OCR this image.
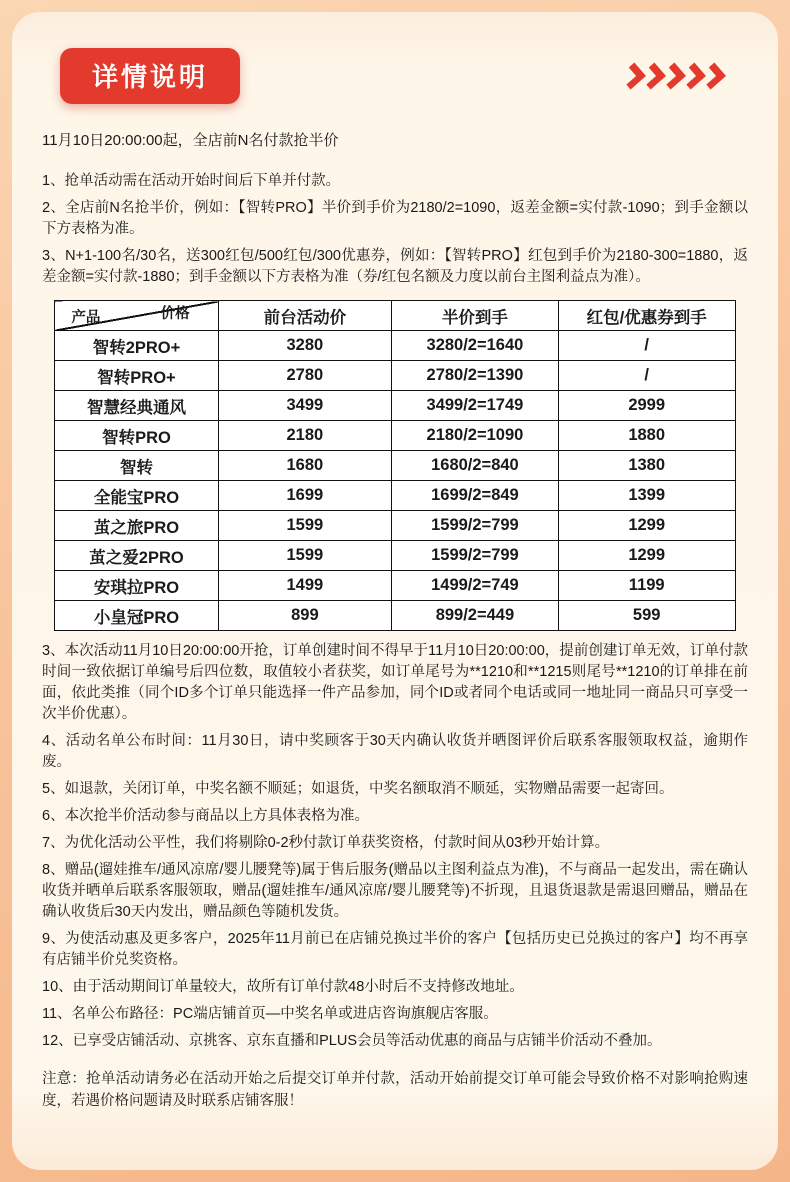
详情说明

11月10日20:00:00起，全店前N名付款抢半价

1、抢单活动需在活动开始时间后下单并付款。

2、全店前N名抢半价，例如：【智转PRO】半价到手价为2180/2=1090，返差金额=实付款-1090；到手金额以下方表格为准。

3、N+1-100名/30名，送300红包/500红包/300优惠券，例如：【智转PRO】红包到手价为2180-300=1880，返差金额=实付款-1880；到手金额以下方表格为准（券/红包名额及力度以前台主图利益点为准）。

价格
产品	前台活动价	半价到手	红包/优惠券到手
智转2PRO+	3280	3280/2=1640	/
智转PRO+	2780	2780/2=1390	/
智慧经典通风	3499	3499/2=1749	2999
智转PRO	2180	2180/2=1090	1880
智转	1680	1680/2=840	1380
全能宝PRO	1699	1699/2=849	1399
茧之旅PRO	1599	1599/2=799	1299
茧之爱2PRO	1599	1599/2=799	1299
安琪拉PRO	1499	1499/2=749	1199
小皇冠PRO	899	899/2=449	599

3、本次活动11月10日20:00:00开抢，订单创建时间不得早于11月10日20:00:00，提前创建订单无效，订单付款时间一致依据订单编号后四位数，取值较小者获奖，如订单尾号为**1210和**1215则尾号**1210的订单排在前面，依此类推（同个ID多个订单只能选择一件产品参加，同个ID或者同个电话或同一地址同一商品只可享受一次半价优惠）。

4、活动名单公布时间：11月30日，请中奖顾客于30天内确认收货并晒图评价后联系客服领取权益，逾期作废。

5、如退款，关闭订单，中奖名额不顺延；如退货，中奖名额取消不顺延，实物赠品需要一起寄回。

6、本次抢半价活动参与商品以上方具体表格为准。

7、为优化活动公平性，我们将剔除0-2秒付款订单获奖资格，付款时间从03秒开始计算。

8、赠品(遛娃推车/通风凉席/婴儿腰凳等)属于售后服务(赠品以主图利益点为准)，不与商品一起发出，需在确认收货并晒单后联系客服领取，赠品(遛娃推车/通风凉席/婴儿腰凳等)不折现，且退货退款是需退回赠品，赠品在确认收货后30天内发出，赠品颜色等随机发货。

9、为使活动惠及更多客户，2025年11月前已在店铺兑换过半价的客户【包括历史已兑换过的客户】均不再享有店铺半价兑奖资格。

10、由于活动期间订单量较大，故所有订单付款48小时后不支持修改地址。

11、名单公布路径：PC端店铺首页—中奖名单或进店咨询旗舰店客服。

12、已享受店铺活动、京挑客、京东直播和PLUS会员等活动优惠的商品与店铺半价活动不叠加。

注意：抢单活动请务必在活动开始之后提交订单并付款，活动开始前提交订单可能会导致价格不对影响抢购速度，若遇价格问题请及时联系店铺客服！
